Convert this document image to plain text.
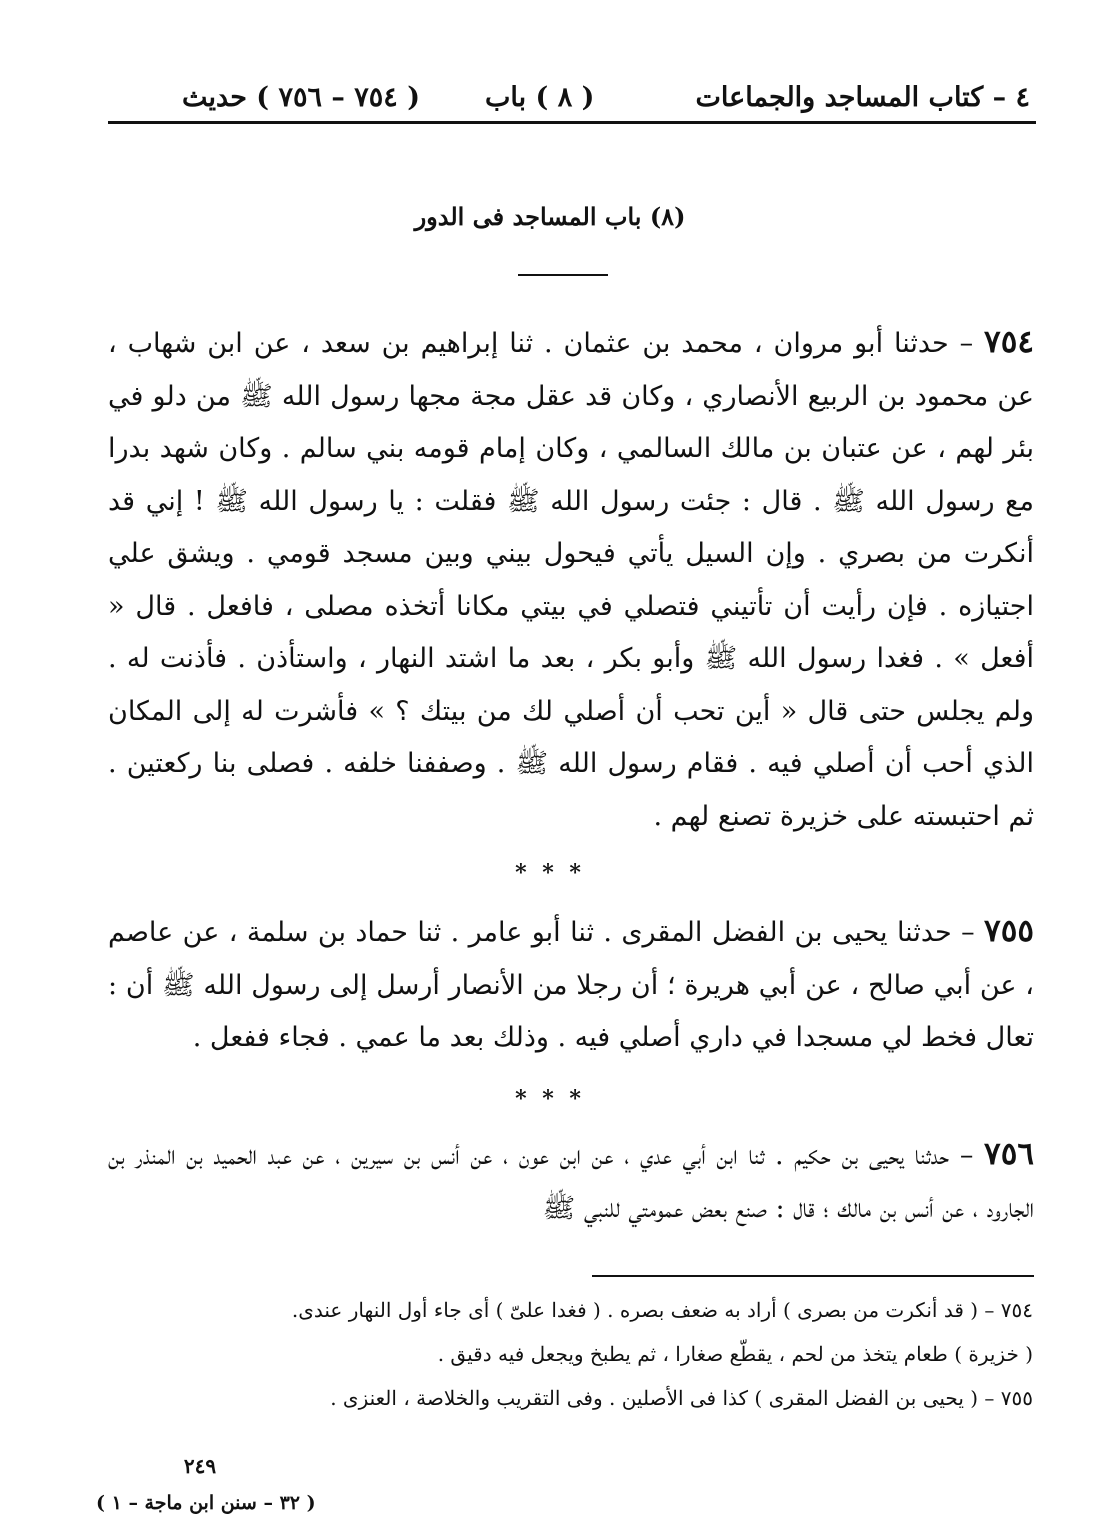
٤ – كتاب المساجد والجماعات
( ٨ ) باب
( ٧٥٤ – ٧٥٦ ) حديث
(٨) باب المساجد فى الدور
٧٥٤ – حدثنا أبو مروان ، محمد بن عثمان . ثنا إبراهيم بن سعد ، عن ابن شهاب ، عن محمود بن الربيع الأنصاري ، وكان قد عقل مجة مجها رسول الله ﷺ من دلو في بئر لهم ، عن عتبان بن مالك السالمي ، وكان إمام قومه بني سالم . وكان شهد بدرا مع رسول الله ﷺ . قال : جئت رسول الله ﷺ فقلت : يا رسول الله ﷺ ! إني قد أنكرت من بصري . وإن السيل يأتي فيحول بيني وبين مسجد قومي . ويشق علي اجتيازه . فإن رأيت أن تأتيني فتصلي في بيتي مكانا أتخذه مصلى ، فافعل . قال « أفعل » . فغدا رسول الله ﷺ وأبو بكر ، بعد ما اشتد النهار ، واستأذن . فأذنت له . ولم يجلس حتى قال « أين تحب أن أصلي لك من بيتك ؟ » فأشرت له إلى المكان الذي أحب أن أصلي فيه . فقام رسول الله ﷺ . وصففنا خلفه . فصلى بنا ركعتين . ثم احتبسته على خزيرة تصنع لهم .
* * *
٧٥٥ – حدثنا يحيى بن الفضل المقرى . ثنا أبو عامر . ثنا حماد بن سلمة ، عن عاصم ، عن أبي صالح ، عن أبي هريرة ؛ أن رجلا من الأنصار أرسل إلى رسول الله ﷺ أن : تعال فخط لي مسجدا في داري أصلي فيه . وذلك بعد ما عمي . فجاء ففعل .
* * *
٧٥٦ – حدثنا يحيى بن حكيم . ثنا ابن أبي عدي ، عن ابن عون ، عن أنس بن سيرين ، عن عبد الحميد بن المنذر بن الجارود ، عن أنس بن مالك ؛ قال : صنع بعض عمومتي للنبي ﷺ

٧٥٤ – ( قد أنكرت من بصرى ) أراد به ضعف بصره . ( فغدا علىّ ) أى جاء أول النهار عندى.

( خزيرة ) طعام يتخذ من لحم ، يقطّع صغارا ، ثم يطبخ ويجعل فيه دقيق .

٧٥٥ – ( يحيى بن الفضل المقرى ) كذا فى الأصلين . وفى التقريب والخلاصة ، العنزى .

٢٤٩
( ٣٢ – سنن ابن ماجة – ١ )
